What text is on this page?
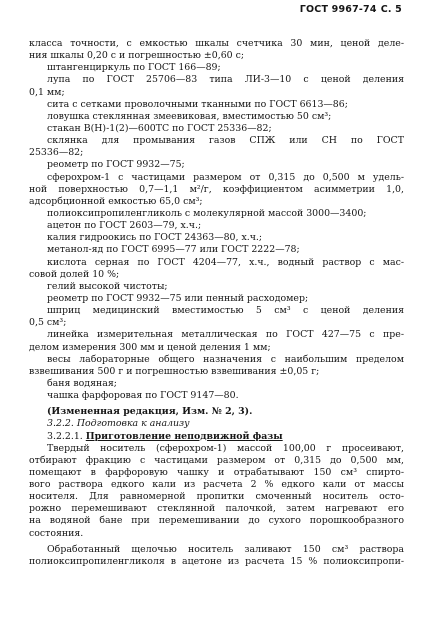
ГОСТ 9967-74 С. 5
класса точности, с емкостью шкалы счетчика 30 мин, ценой деле-
ния шкалы 0,20 с и погрешностью ±0,60 с;
штангенциркуль по ГОСТ 166—89;
лупа по ГОСТ 25706—83 типа ЛИ-3—10 с ценой деления
0,1 мм;
сита с сетками проволочными тканными по ГОСТ 6613—86;
ловушка стеклянная змеевиковая, вместимостью 50 см³;
стакан В(Н)-1(2)—600ТС по ГОСТ 25336—82;
склянка для промывания газов СПЖ или СН по ГОСТ
25336—82;
реометр по ГОСТ 9932—75;
сферохром-1 с частицами размером от 0,315 до 0,500 м удель-
ной поверхностью 0,7—1,1 м²/г, коэффициентом асимметрии 1,0,
адсорбционной емкостью 65,0 см³;
полиоксипропиленгликоль с молекулярной массой 3000—3400;
ацетон по ГОСТ 2603—79, х.ч.;
калия гидроокись по ГОСТ 24363—80, х.ч.;
метанол-яд по ГОСТ 6995—77 или ГОСТ 2222—78;
кислота серная по ГОСТ 4204—77, х.ч., водный раствор с мас-
совой долей 10 %;
гелий высокой чистоты;
реометр по ГОСТ 9932—75 или пенный расходомер;
шприц медицинский вместимостью 5 см³ с ценой деления
0,5 см³;
линейка измерительная металлическая по ГОСТ 427—75 с пре-
делом измерения 300 мм и ценой деления 1 мм;
весы лабораторные общего назначения с наибольшим пределом
взвешивания 500 г и погрешностью взвешивания ±0,05 г;
баня водяная;
чашка фарфоровая по ГОСТ 9147—80.
(Измененная редакция, Изм. № 2, 3).
3.2.2. Подготовка к анализу
3.2.2.1. Приготовление неподвижной фазы
Твердый носитель (сферохром-1) массой 100,00 г просеивают,
отбирают фракцию с частицами размером от 0,315 до 0,500 мм,
помещают в фарфоровую чашку и отрабатывают 150 см³ спирто-
вого раствора едкого кали из расчета 2 % едкого кали от массы
носителя. Для равномерной пропитки смоченный носитель осто-
рожно перемешивают стеклянной палочкой, затем нагревают его
на водяной бане при перемешивании до сухого порошкообразного
состояния.
Обработанный щелочью носитель заливают 150 см³ раствора
полиоксипропиленгликоля в ацетоне из расчета 15 % полиоксипропи-
